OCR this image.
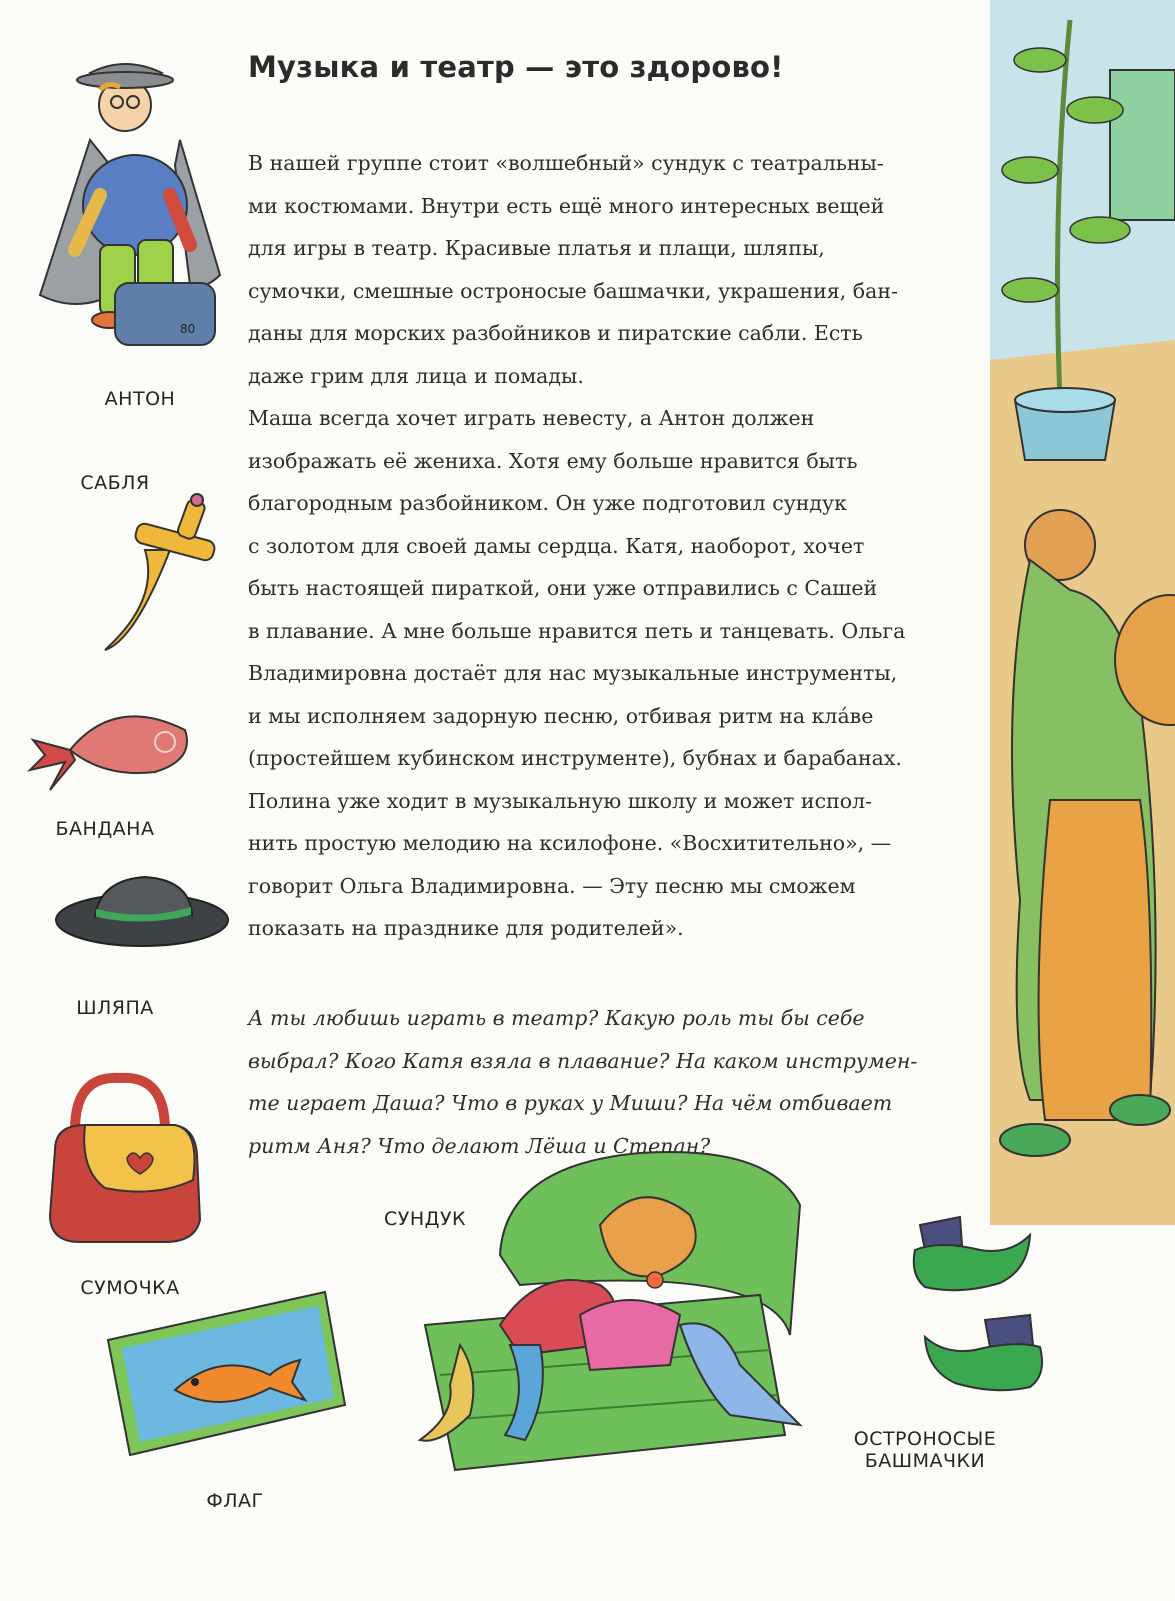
Музыка и театр — это здорово!
В нашей группе стоит «волшебный» сундук с театральны-
ми костюмами. Внутри есть ещё много интересных вещей
для игры в театр. Красивые платья и плащи, шляпы,
сумочки, смешные остроносые башмачки, украшения, бан-
даны для морских разбойников и пиратские сабли. Есть
даже грим для лица и помады.
Маша всегда хочет играть невесту, а Антон должен
изображать её жениха. Хотя ему больше нравится быть
благородным разбойником. Он уже подготовил сундук
с золотом для своей дамы сердца. Катя, наоборот, хочет
быть настоящей пираткой, они уже отправились с Сашей
в плавание. А мне больше нравится петь и танцевать. Ольга
Владимировна достаёт для нас музыкальные инструменты,
и мы исполняем задорную песню, отбивая ритм на кла́ве
(простейшем кубинском инструменте), бубнах и барабанах.
Полина уже ходит в музыкальную школу и может испол-
нить простую мелодию на ксилофоне. «Восхитительно», —
говорит Ольга Владимировна. — Эту песню мы сможем
показать на празднике для родителей».
А ты любишь играть в театр? Какую роль ты бы себе
выбрал? Кого Катя взяла в плавание? На каком инструмен-
те играет Даша? Что в руках у Миши? На чём отбивает
ритм Аня? Что делают Лёша и Степан?
80
АНТОН
САБЛЯ
БАНДАНА
ШЛЯПА
СУМОЧКА
ФЛАГ
СУНДУК
ОСТРОНОСЫЕ
БАШМАЧКИ
